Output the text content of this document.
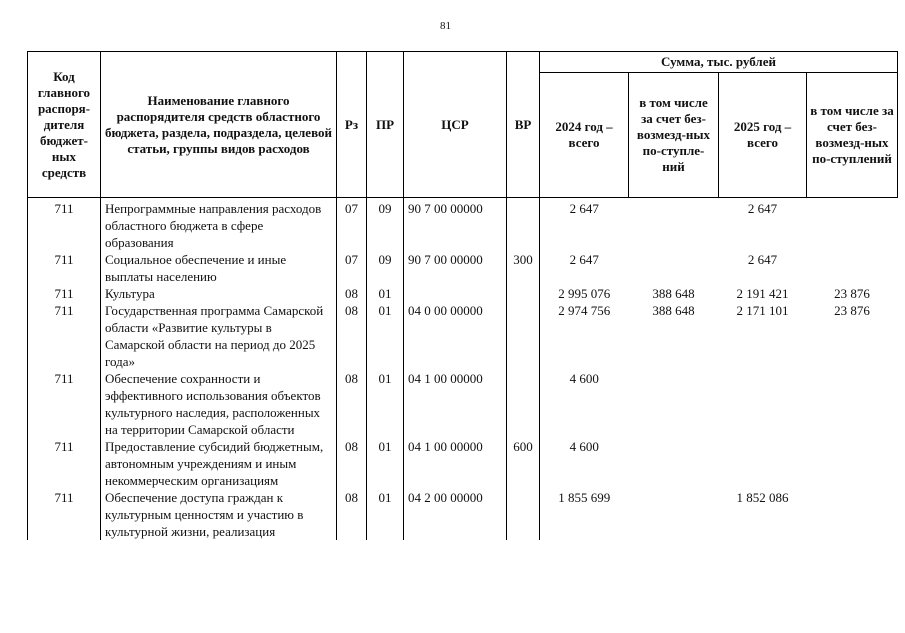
81
Код главного распоря-дителя бюджет-ных средств	Наименование главного распорядителя средств областного бюджета, раздела, подраздела, целевой статьи, группы видов расходов	Рз	ПР	ЦСР	ВР	Сумма, тыс. рублей			
						2024 год – всего	в том числе за счет без-возмезд-ных по-ступле-ний	2025 год – всего	в том числе за счет без-возмезд-ных по-ступлений
711	Непрограммные направления расходов областного бюджета в сфере образования	07	09	90 7 00 00000		2 647		2 647	
711	Социальное обеспечение и иные выплаты населению	07	09	90 7 00 00000	300	2 647		2 647	
711	Культура	08	01			2 995 076	388 648	2 191 421	23 876
711	Государственная программа Самарской области «Развитие культуры в Самарской области на период до 2025 года»	08	01	04 0 00 00000		2 974 756	388 648	2 171 101	23 876
711	Обеспечение сохранности и эффективного использования объектов культурного наследия, расположенных на территории Самарской области	08	01	04 1 00 00000		4 600			
711	Предоставление субсидий бюджетным, автономным учреждениям и иным некоммерческим организациям	08	01	04 1 00 00000	600	4 600			
711	Обеспечение доступа граждан к культурным ценностям и участию в культурной жизни, реализация	08	01	04 2 00 00000		1 855 699		1 852 086	
